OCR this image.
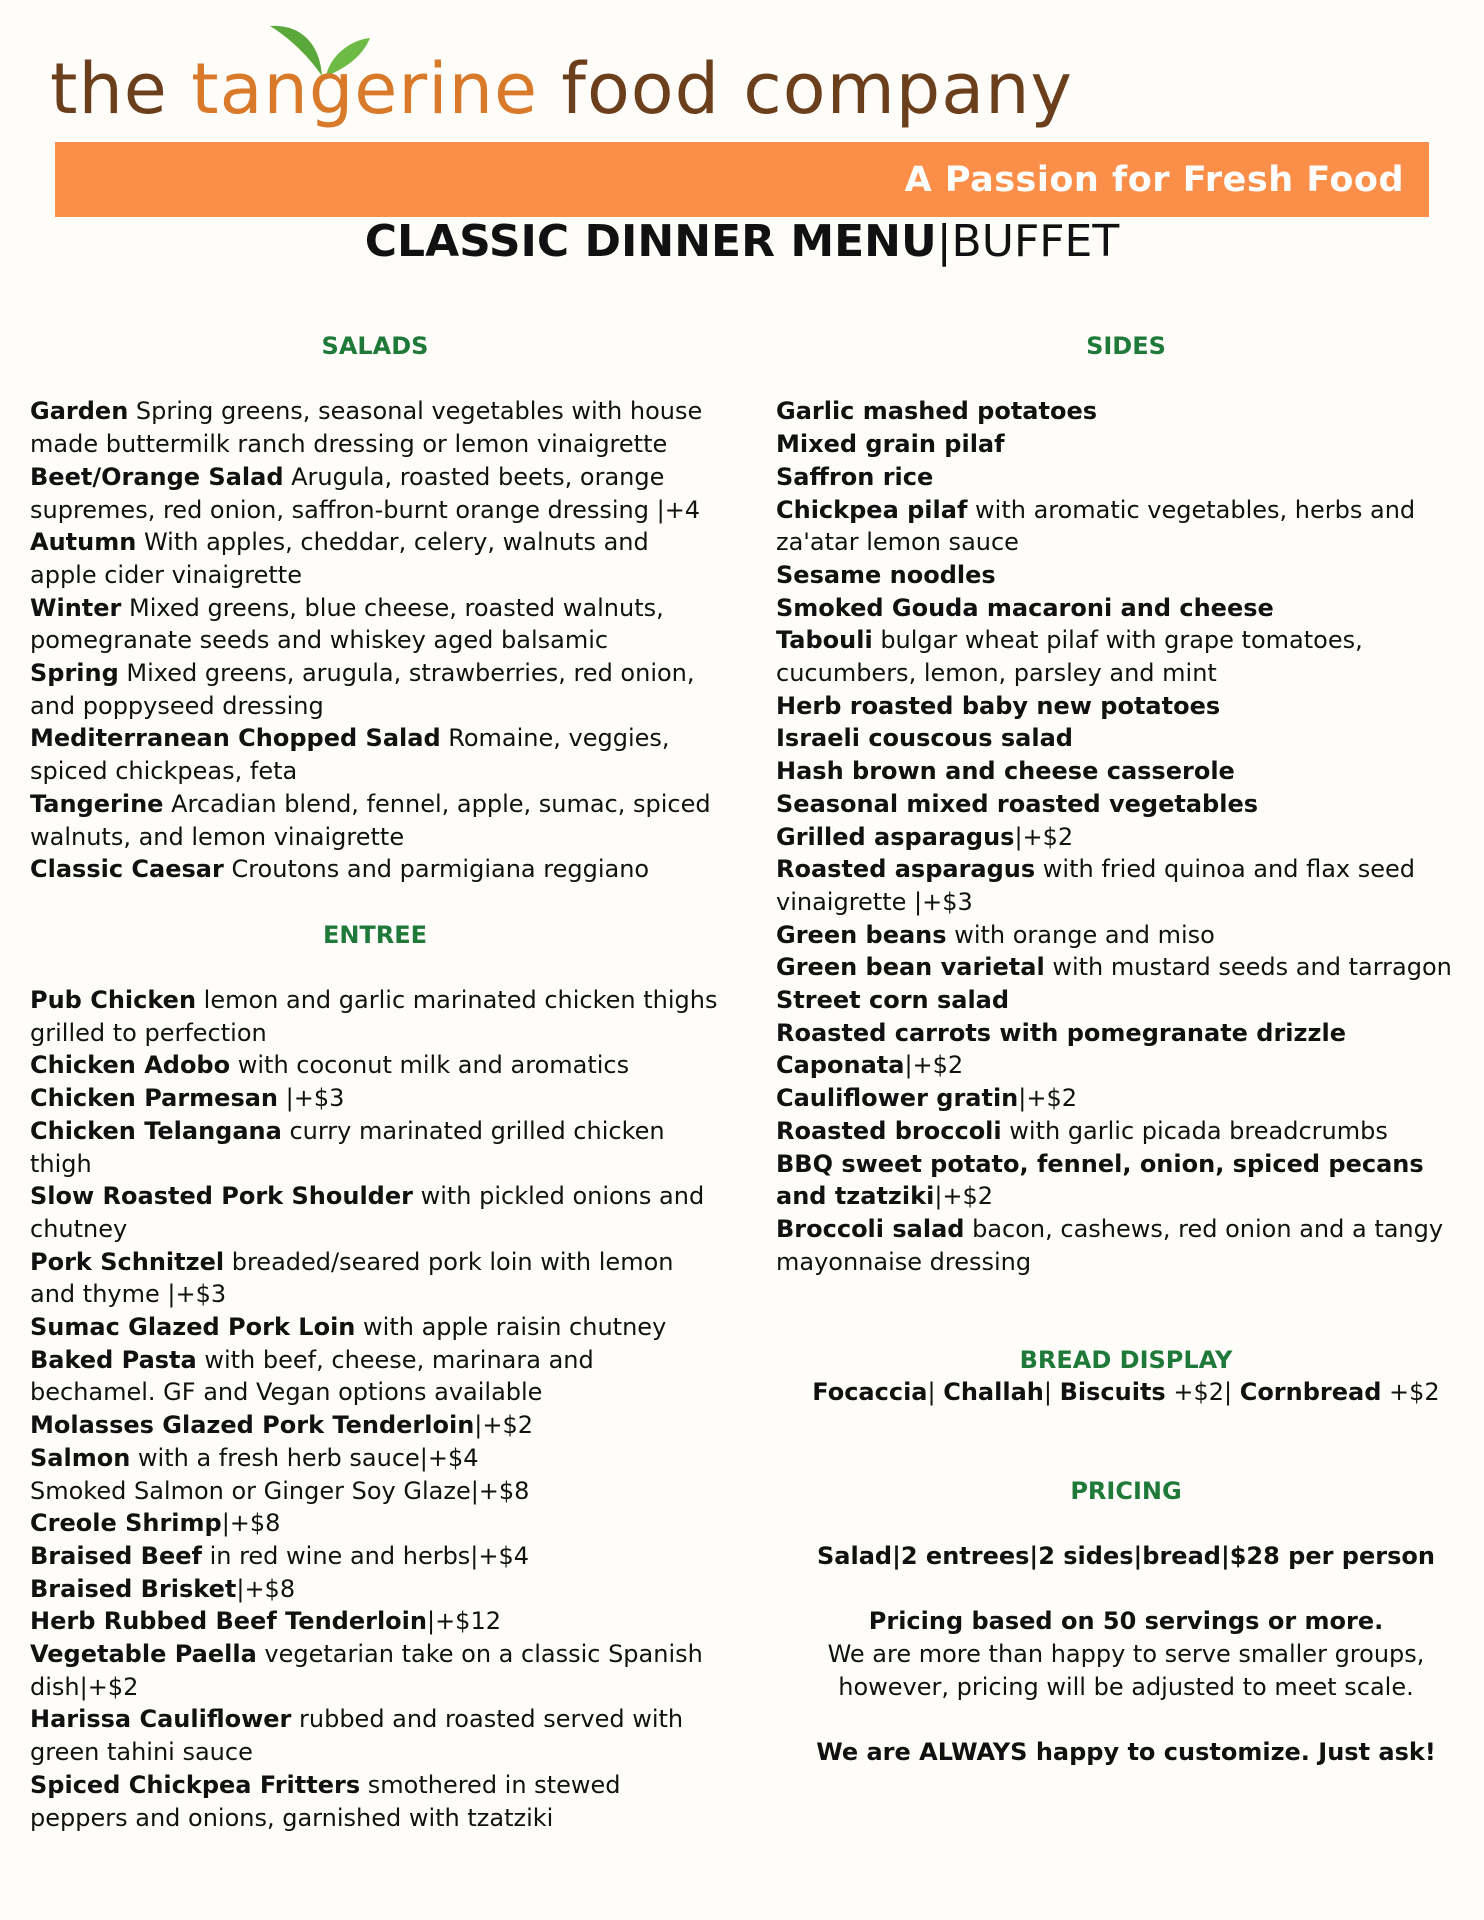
the tangerine food company
A Passion for Fresh Food
CLASSIC DINNER MENU|BUFFET

SALADS

Garden Spring greens, seasonal vegetables with house made buttermilk ranch dressing or lemon vinaigrette

Beet/Orange Salad Arugula, roasted beets, orange supremes, red onion, saffron-burnt orange dressing |+4

Autumn With apples, cheddar, celery, walnuts and apple cider vinaigrette

Winter Mixed greens, blue cheese, roasted walnuts, pomegranate seeds and whiskey aged balsamic

Spring Mixed greens, arugula, strawberries, red onion, and poppyseed dressing

Mediterranean Chopped Salad Romaine, veggies, spiced chickpeas, feta

Tangerine Arcadian blend, fennel, apple, sumac, spiced walnuts, and lemon vinaigrette

Classic Caesar Croutons and parmigiana reggiano

ENTREE

Pub Chicken lemon and garlic marinated chicken thighs grilled to perfection

Chicken Adobo with coconut milk and aromatics

Chicken Parmesan |+$3

Chicken Telangana curry marinated grilled chicken thigh

Slow Roasted Pork Shoulder with pickled onions and chutney

Pork Schnitzel breaded/seared pork loin with lemon and thyme |+$3

Sumac Glazed Pork Loin with apple raisin chutney

Baked Pasta with beef, cheese, marinara and bechamel. GF and Vegan options available

Molasses Glazed Pork Tenderloin|+$2

Salmon with a fresh herb sauce|+$4

Smoked Salmon or Ginger Soy Glaze|+$8

Creole Shrimp|+$8

Braised Beef in red wine and herbs|+$4

Braised Brisket|+$8

Herb Rubbed Beef Tenderloin|+$12

Vegetable Paella vegetarian take on a classic Spanish dish|+$2

Harissa Cauliflower rubbed and roasted served with green tahini sauce

Spiced Chickpea Fritters smothered in stewed peppers and onions, garnished with tzatziki

SIDES

Garlic mashed potatoes

Mixed grain pilaf

Saffron rice

Chickpea pilaf with aromatic vegetables, herbs and za'atar lemon sauce

Sesame noodles

Smoked Gouda macaroni and cheese

Tabouli bulgar wheat pilaf with grape tomatoes, cucumbers, lemon, parsley and mint

Herb roasted baby new potatoes

Israeli couscous salad

Hash brown and cheese casserole

Seasonal mixed roasted vegetables

Grilled asparagus|+$2

Roasted asparagus with fried quinoa and flax seed vinaigrette |+$3

Green beans with orange and miso

Green bean varietal with mustard seeds and tarragon

Street corn salad

Roasted carrots with pomegranate drizzle

Caponata|+$2

Cauliflower gratin|+$2

Roasted broccoli with garlic picada breadcrumbs

BBQ sweet potato, fennel, onion, spiced pecans and tzatziki|+$2

Broccoli salad bacon, cashews, red onion and a tangy mayonnaise dressing

BREAD DISPLAY

Focaccia| Challah| Biscuits +$2| Cornbread +$2

PRICING

Salad|2 entrees|2 sides|bread|$28 per person

Pricing based on 50 servings or more.

We are more than happy to serve smaller groups, however, pricing will be adjusted to meet scale.

We are ALWAYS happy to customize. Just ask!
